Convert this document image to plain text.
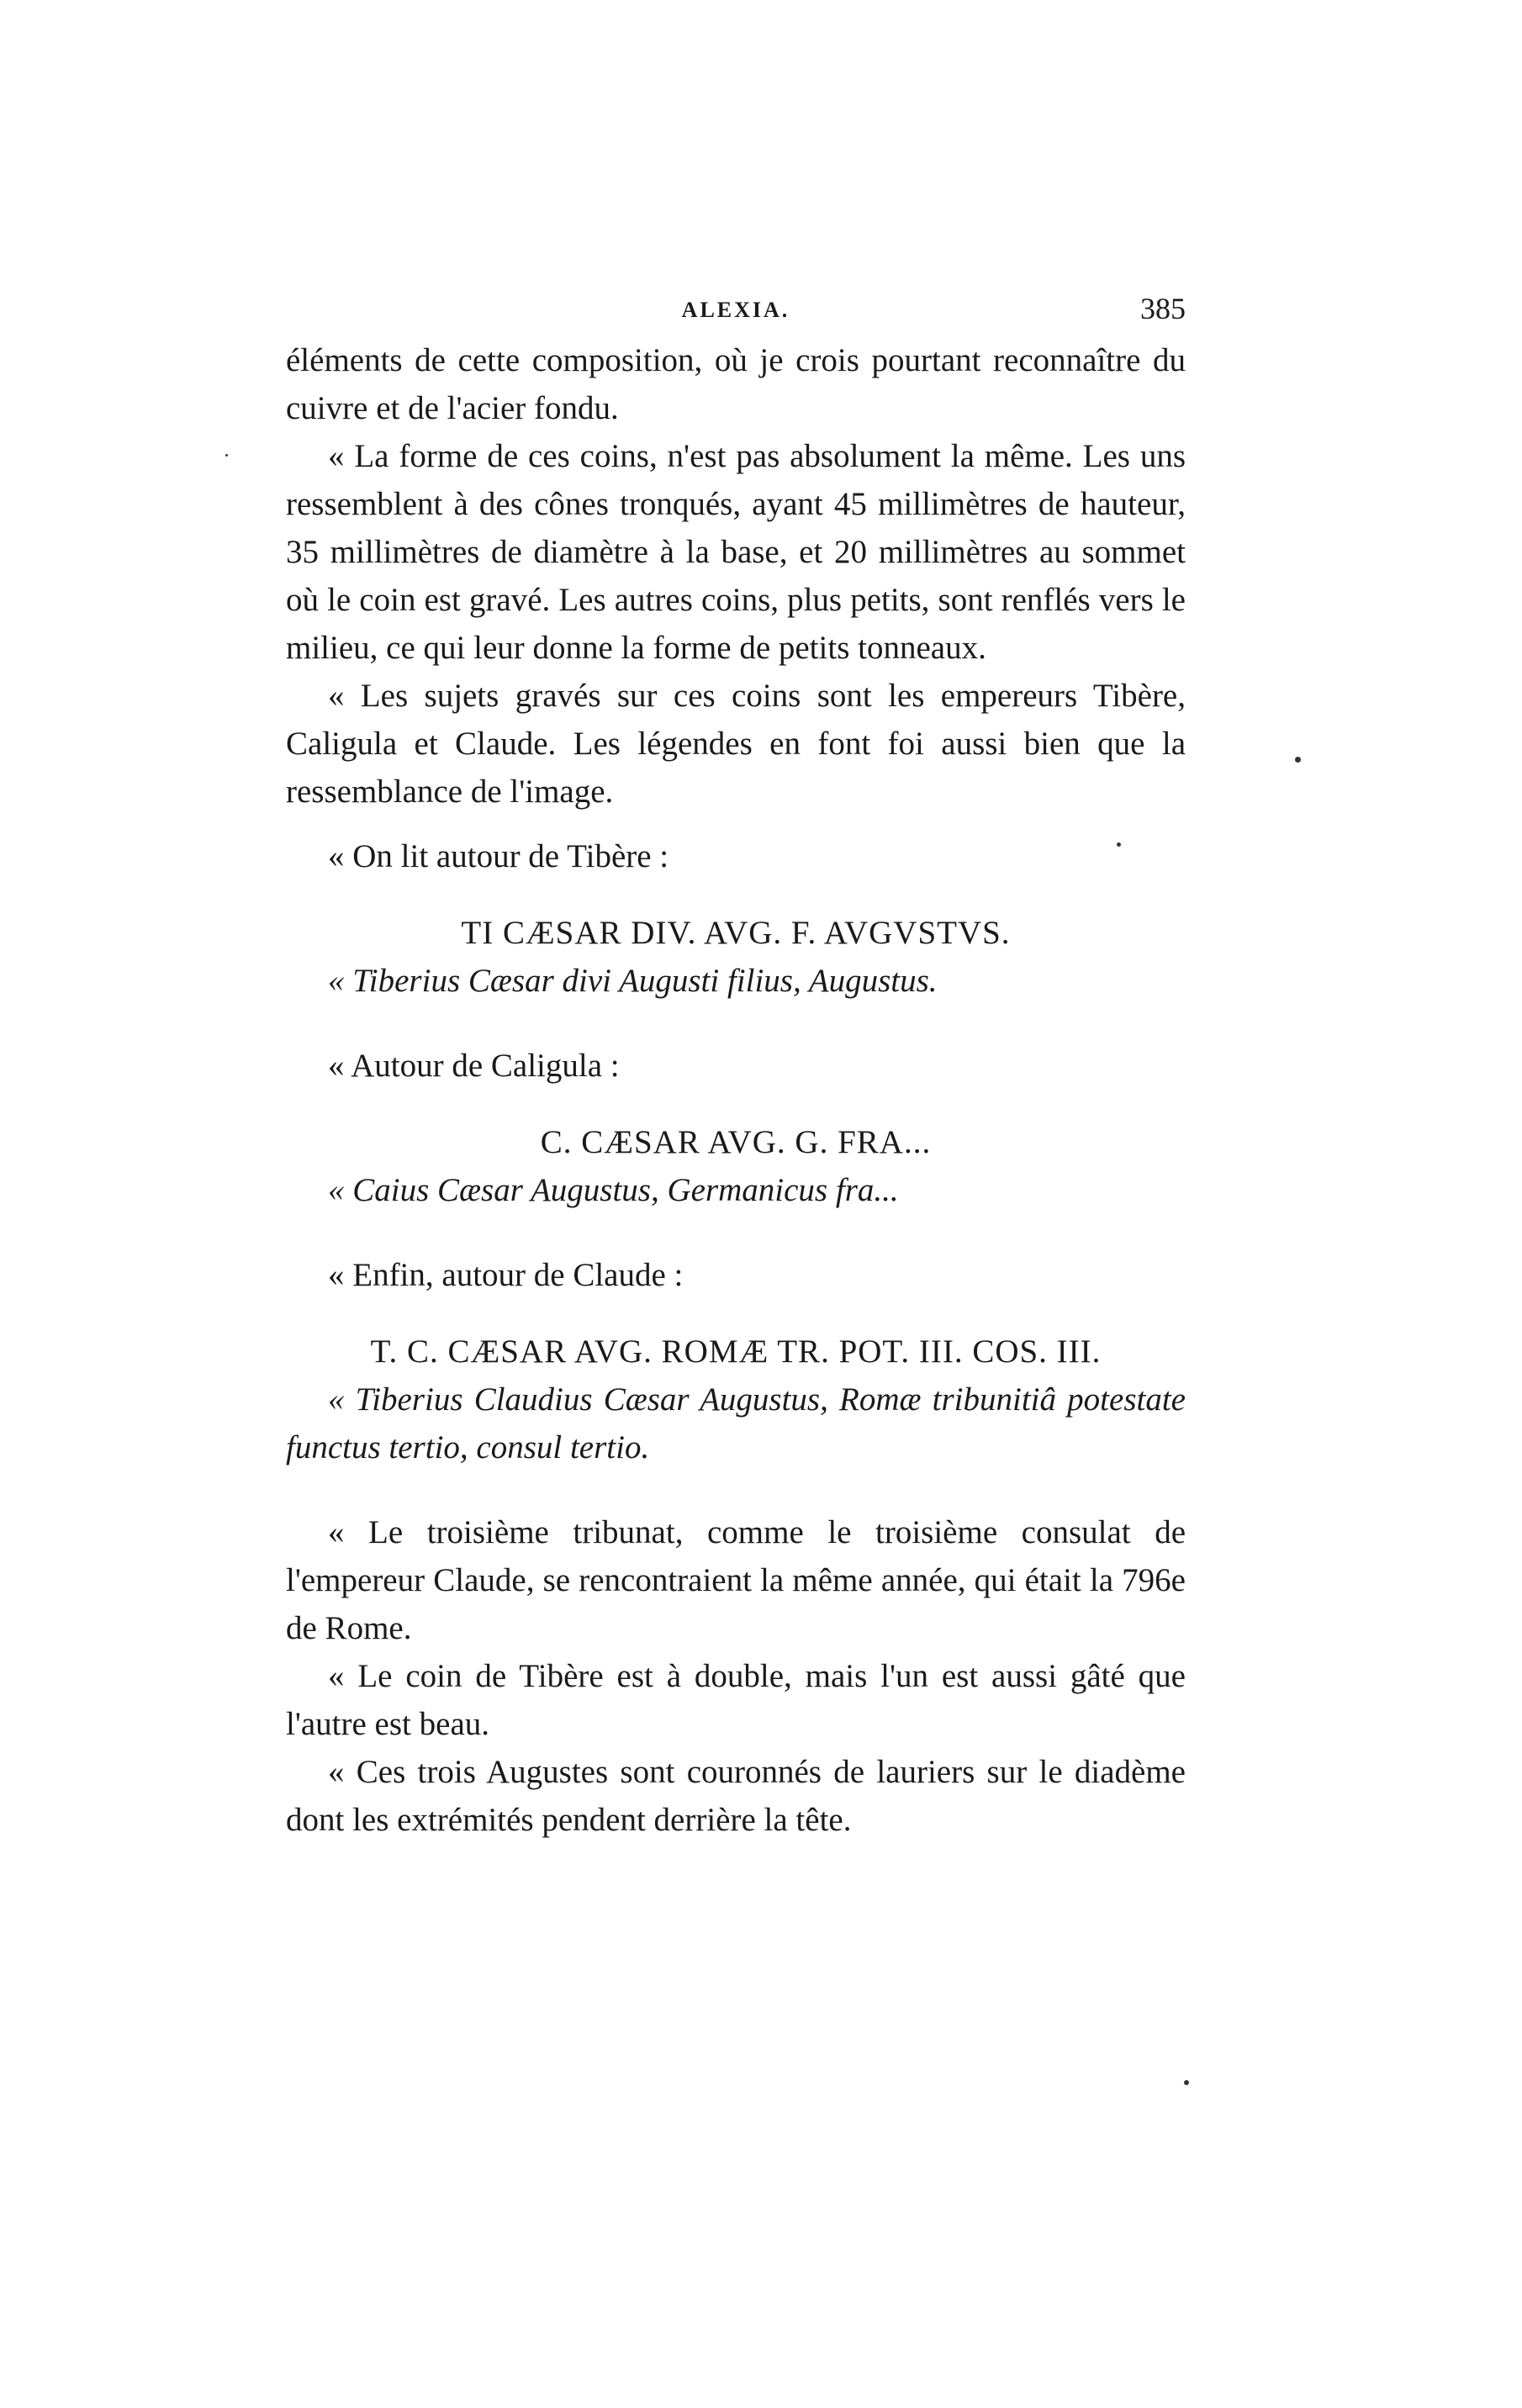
ALEXIA.	385

éléments de cette composition, où je crois pourtant reconnaître du cuivre et de l'acier fondu.

« La forme de ces coins, n'est pas absolument la même. Les uns ressemblent à des cônes tronqués, ayant 45 millimètres de hauteur, 35 millimètres de diamètre à la base, et 20 millimètres au sommet où le coin est gravé. Les autres coins, plus petits, sont renflés vers le milieu, ce qui leur donne la forme de petits tonneaux.

« Les sujets gravés sur ces coins sont les empereurs Tibère, Caligula et Claude. Les légendes en font foi aussi bien que la ressemblance de l'image.

« On lit autour de Tibère :

TI CÆSAR DIV. AVG. F. AVGVSTVS.

« Tiberius Cæsar divi Augusti filius, Augustus.

« Autour de Caligula :

C. CÆSAR AVG. G. FRA...

« Caius Cæsar Augustus, Germanicus fra...

« Enfin, autour de Claude :

T. C. CÆSAR AVG. ROMÆ TR. POT. III. COS. III.

« Tiberius Claudius Cæsar Augustus, Romæ tribunitiâ potestate functus tertio, consul tertio.

« Le troisième tribunat, comme le troisième consulat de l'empereur Claude, se rencontraient la même année, qui était la 796e de Rome.

« Le coin de Tibère est à double, mais l'un est aussi gâté que l'autre est beau.

« Ces trois Augustes sont couronnés de lauriers sur le diadème dont les extrémités pendent derrière la tête.
